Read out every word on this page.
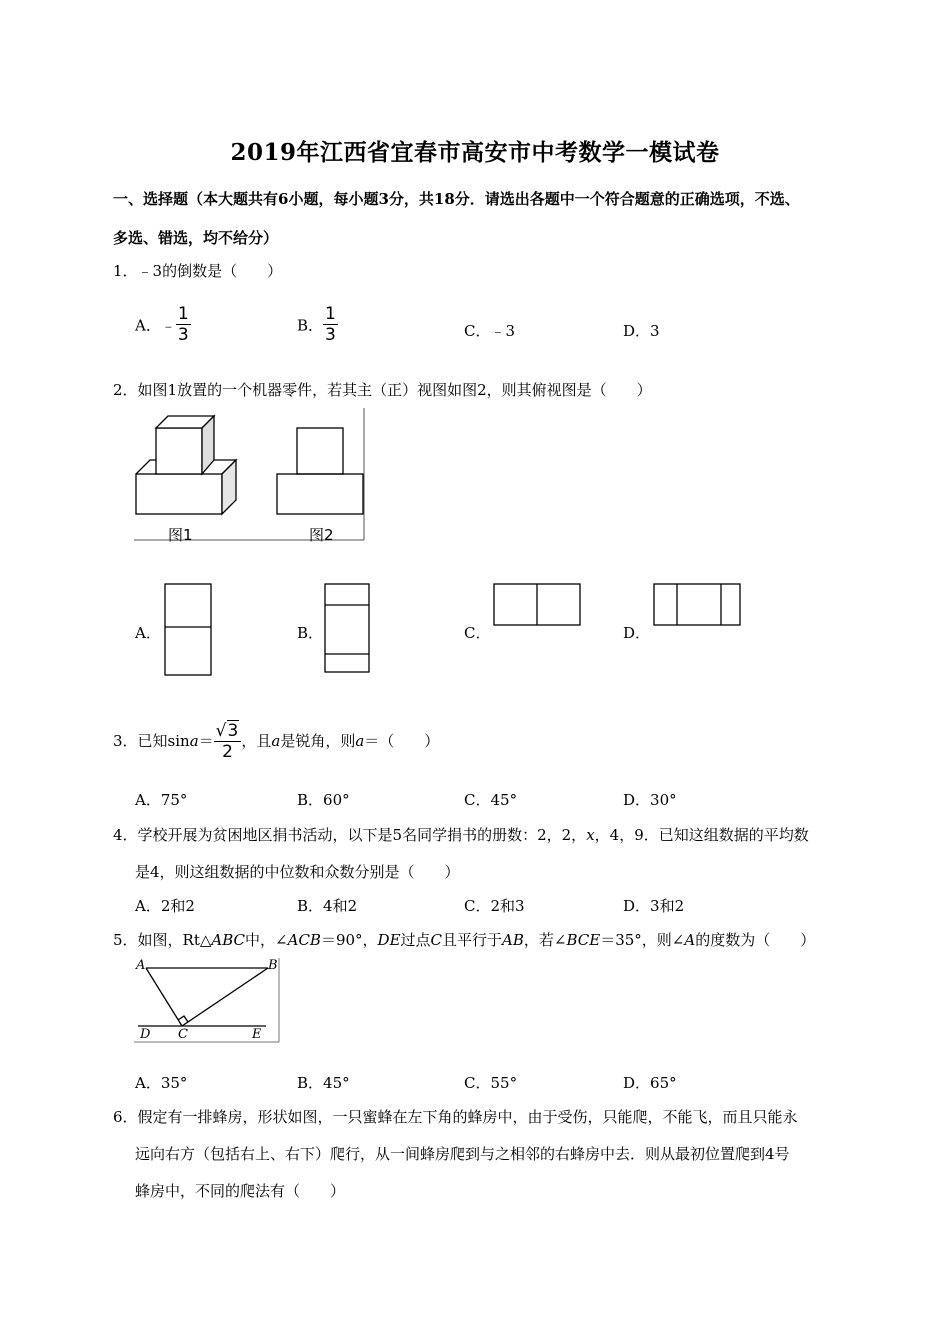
2019年江西省宜春市高安市中考数学一模试卷
一、选择题（本大题共有6小题，每小题3分，共18分．请选出各题中一个符合题意的正确选项，不选、
多选、错选，均不给分）
1．﹣3的倒数是（　　）
A．﹣ $\frac{1}{3}$	B． $\frac{1}{3}$	C．﹣3	D．3
2．如图1放置的一个机器零件，若其主（正）视图如图2，则其俯视图是（　　）
图1	图2
A．	B．	C．	D．
3．已知$\sin a= \frac{√3}{2}$ ，且a是锐角，则a＝（　　）
A．75°	B．60°	C．45°	D．30°
4．学校开展为贫困地区捐书活动，以下是5名同学捐书的册数：2，2，x，4，9．已知这组数据的平均数
是4，则这组数据的中位数和众数分别是（　　）
A．2和2	B．4和2	C．2和3	D．3和2
5．如图，Rt△ABC中，∠ACB＝90°，DE过点C且平行于AB，若∠BCE＝35°，则∠A的度数为（　　）
A	B
C
D	E
A．35°	B．45°	C．55°	D．65°
6．假定有一排蜂房，形状如图，一只蜜蜂在左下角的蜂房中，由于受伤，只能爬，不能飞，而且只能永
远向右方（包括右上、右下）爬行，从一间蜂房爬到与之相邻的右蜂房中去．则从最初位置爬到4号
蜂房中，不同的爬法有（　　）
